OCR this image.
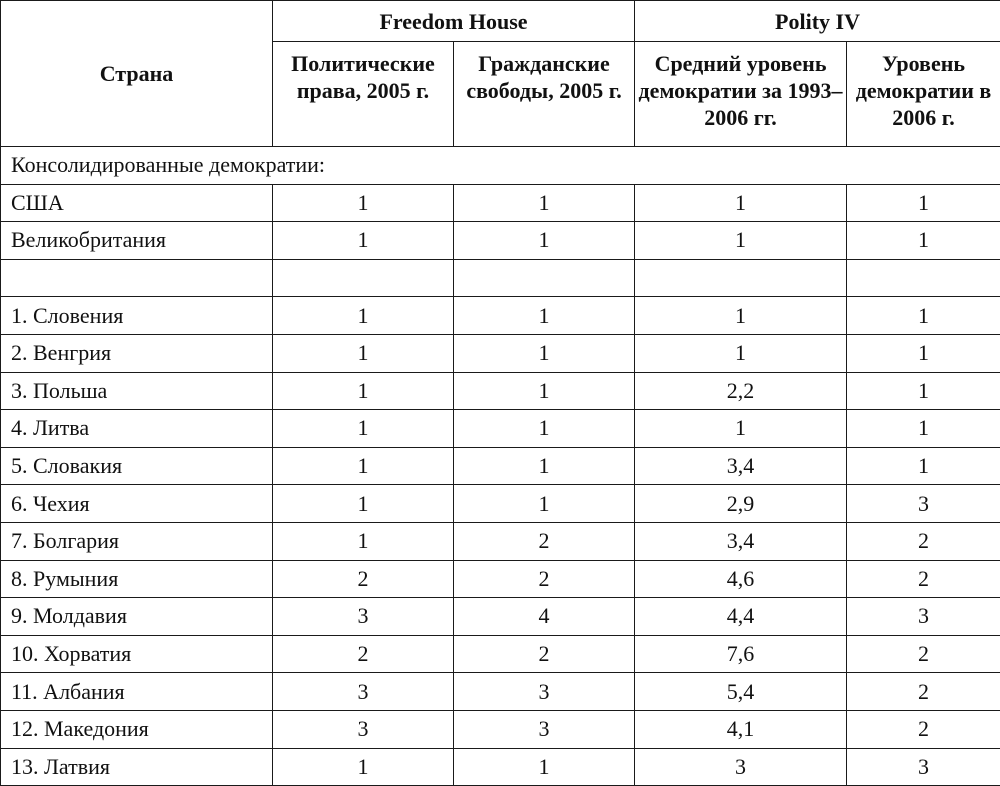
Страна	Freedom House		Polity IV	
	Политические права, 2005 г.	Гражданские свободы, 2005 г.	Средний уровень демократии за 1993–2006 гг.	Уровень демократии в 2006 г.
Консолидированные демократии:				
США	1	1	1	1
Великобритания	1	1	1	1

1. Словения	1	1	1	1
2. Венгрия	1	1	1	1
3. Польша	1	1	2,2	1
4. Литва	1	1	1	1
5. Словакия	1	1	3,4	1
6. Чехия	1	1	2,9	3
7. Болгария	1	2	3,4	2
8. Румыния	2	2	4,6	2
9. Молдавия	3	4	4,4	3
10. Хорватия	2	2	7,6	2
11. Албания	3	3	5,4	2
12. Македония	3	3	4,1	2
13. Латвия	1	1	3	3
